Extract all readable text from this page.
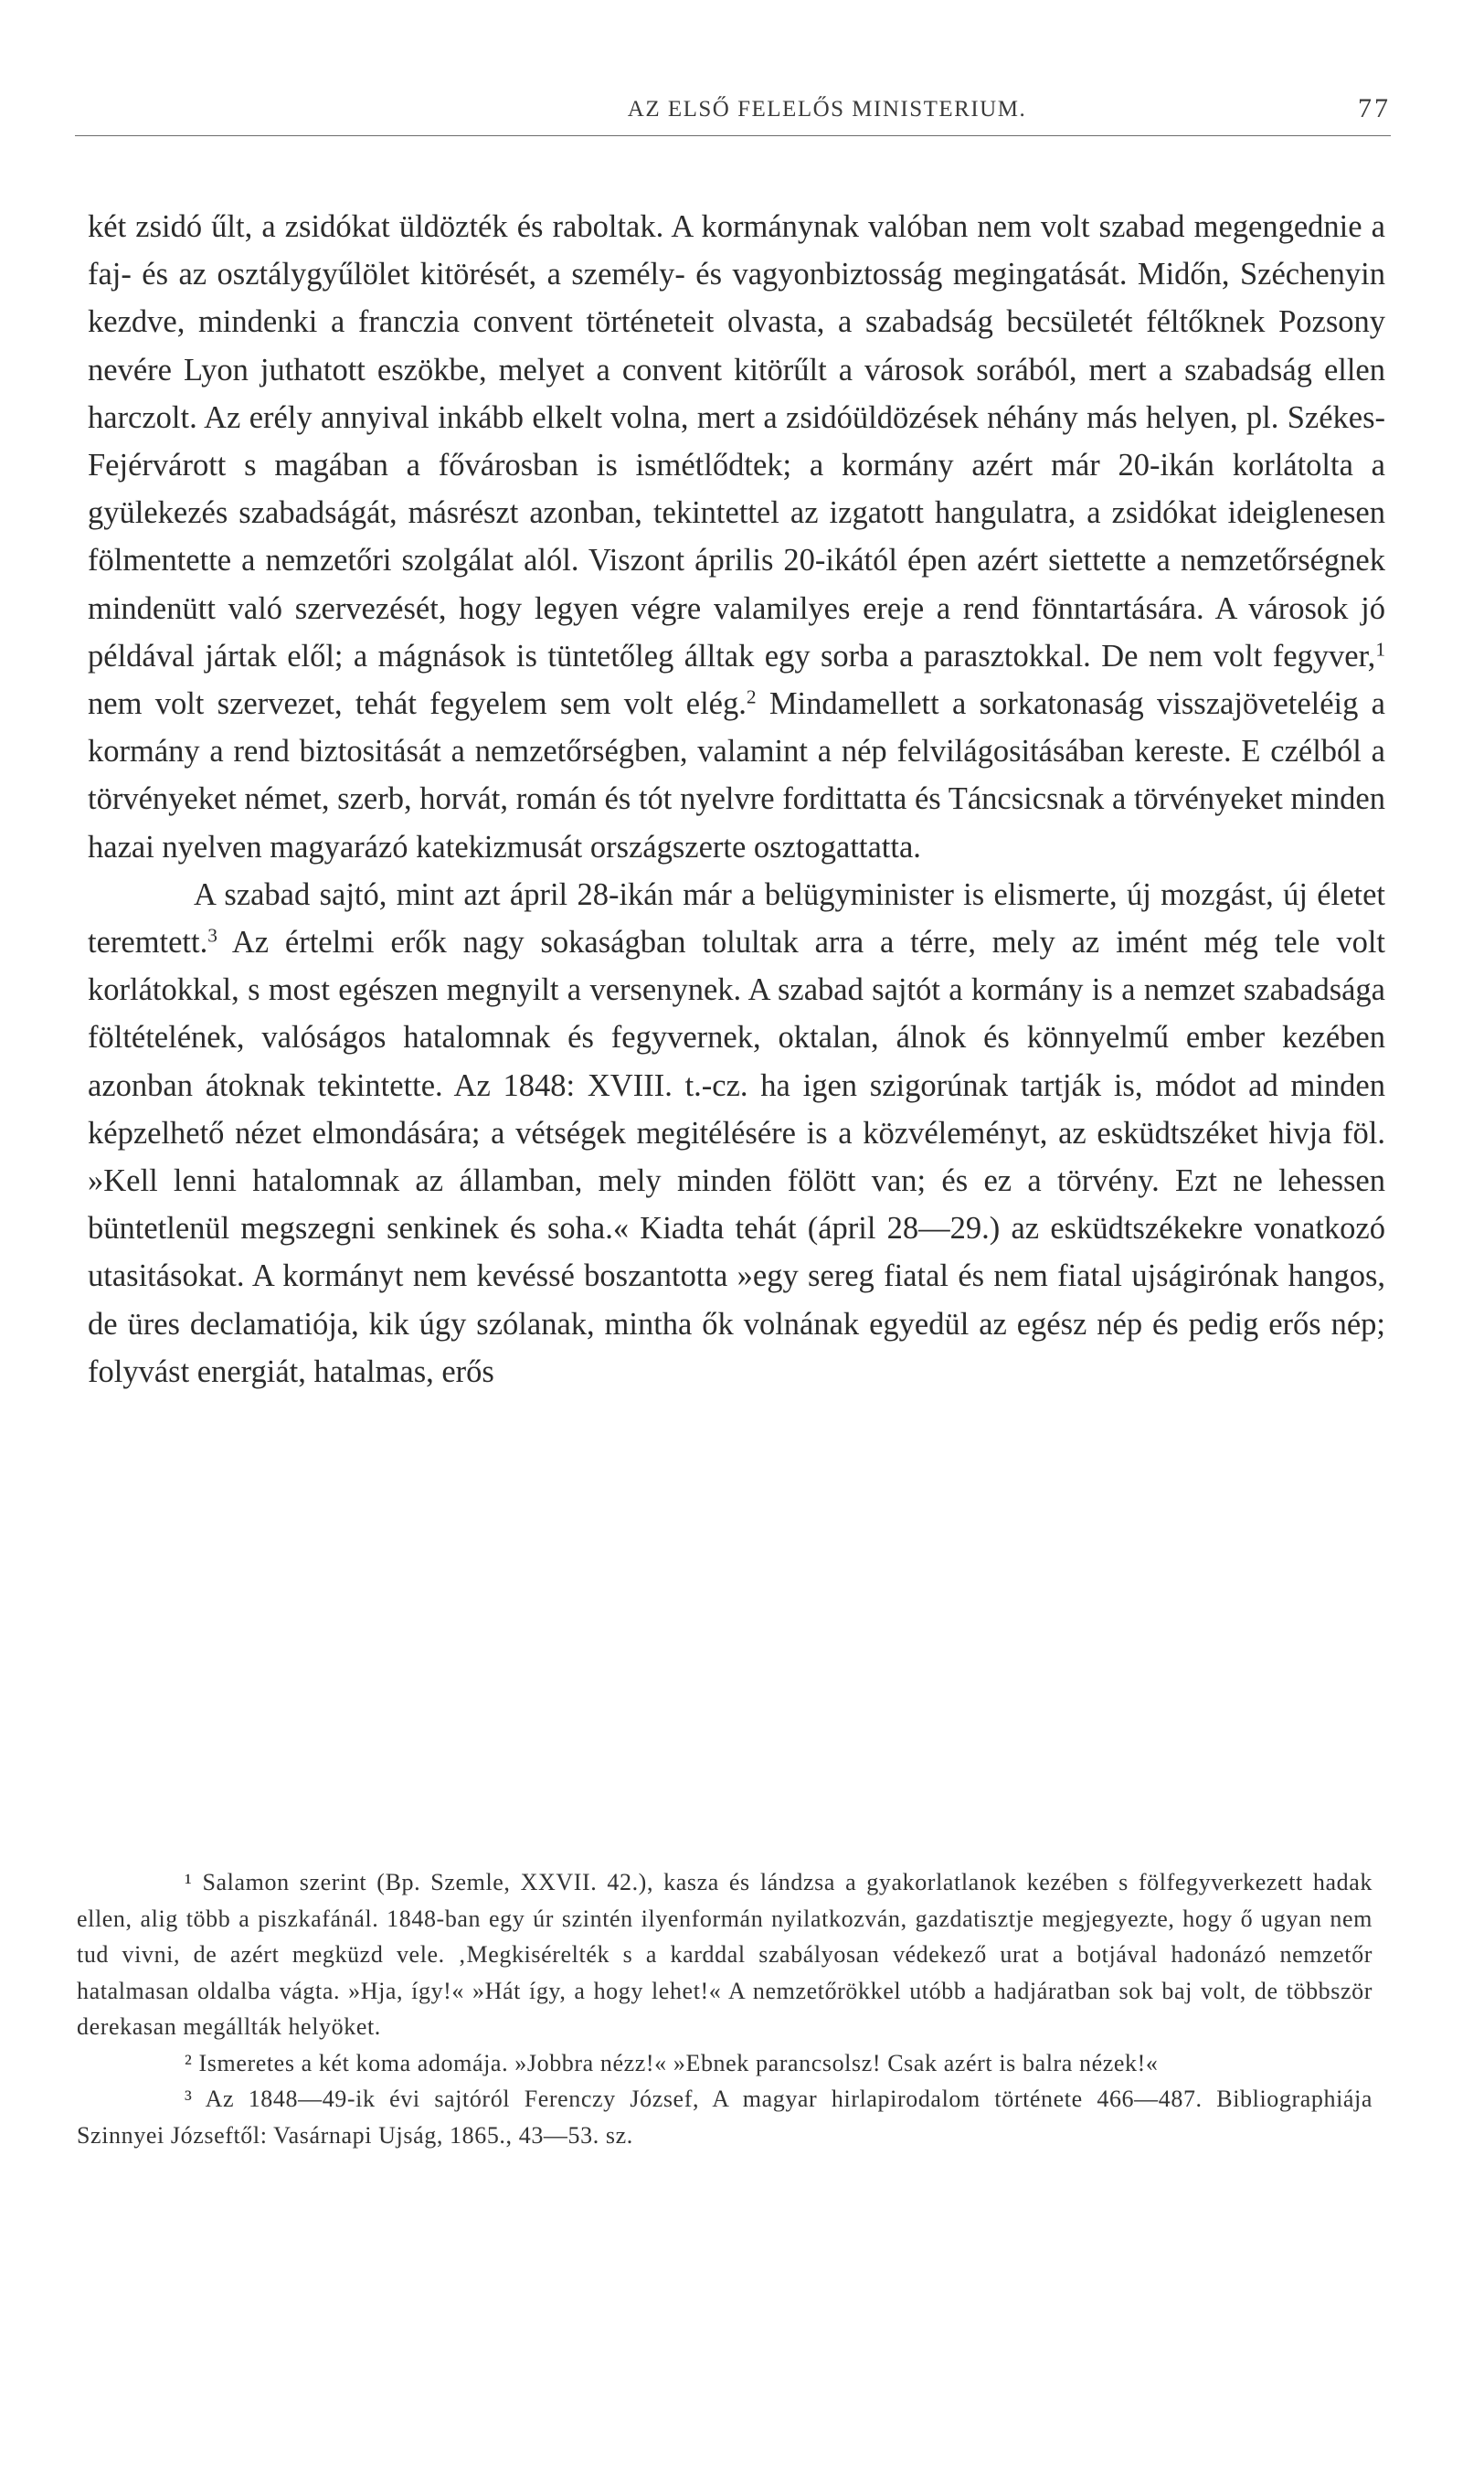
AZ ELSŐ FELELŐS MINISTERIUM.	77

két zsidó űlt, a zsidókat üldözték és raboltak. A kormánynak valóban nem volt szabad megengednie a faj- és az osztálygyűlölet kitörését, a személy- és vagyonbiztosság megingatását. Midőn, Széchenyin kezdve, mindenki a franczia convent történeteit olvasta, a szabadság becsületét féltőknek Pozsony nevére Lyon juthatott eszökbe, melyet a convent kitörűlt a városok sorából, mert a szabadság ellen harczolt. Az erély annyival inkább elkelt volna, mert a zsidóüldözések néhány más helyen, pl. Székes-Fejérvárott s magában a fővárosban is ismétlődtek; a kormány azért már 20-ikán korlátolta a gyülekezés szabadságát, másrészt azonban, tekintettel az izgatott hangulatra, a zsidókat ideiglenesen fölmentette a nemzetőri szolgálat alól. Viszont április 20-ikától épen azért siettette a nemzetőrségnek mindenütt való szervezését, hogy legyen végre valamilyes ereje a rend fönntartására. A városok jó példával jártak elől; a mágnások is tüntetőleg álltak egy sorba a parasztokkal. De nem volt fegyver,$^1$ nem volt szervezet, tehát fegyelem sem volt elég.$^2$ Mindamellett a sorkatonaság visszajöveteléig a kormány a rend biztositását a nemzetőrségben, valamint a nép felvilágositásában kereste. E czélból a törvényeket német, szerb, horvát, román és tót nyelvre fordittatta és Táncsicsnak a törvényeket minden hazai nyelven magyarázó katekizmusát országszerte osztogattatta.

A szabad sajtó, mint azt ápril 28-ikán már a belügyminister is elismerte, új mozgást, új életet teremtett.$^3$ Az értelmi erők nagy sokaságban tolultak arra a térre, mely az imént még tele volt korlátokkal, s most egészen megnyilt a versenynek. A szabad sajtót a kormány is a nemzet szabadsága föltételének, valóságos hatalomnak és fegyvernek, oktalan, álnok és könnyelmű ember kezében azonban átoknak tekintette. Az 1848: XVIII. t.-cz. ha igen szigorúnak tartják is, módot ad minden képzelhető nézet elmondására; a vétségek megitélésére is a közvéleményt, az esküdtszéket hivja föl. »Kell lenni hatalomnak az államban, mely minden fölött van; és ez a törvény. Ezt ne lehessen büntetlenül megszegni senkinek és soha.« Kiadta tehát (ápril 28—29.) az esküdtszékekre vonatkozó utasitásokat. A kormányt nem kevéssé boszantotta »egy sereg fiatal és nem fiatal ujságirónak hangos, de üres declamatiója, kik úgy szólanak, mintha ők volnának egyedül az egész nép és pedig erős nép; folyvást energiát, hatalmas, erős

¹ Salamon szerint (Bp. Szemle, XXVII. 42.), kasza és lándzsa a gyakorlatlanok kezében s fölfegyverkezett hadak ellen, alig több a piszkafánál. 1848-ban egy úr szintén ilyenformán nyilatkozván, gazdatisztje megjegyezte, hogy ő ugyan nem tud vivni, de azért megküzd vele. ‚Megkisérelték s a karddal szabályosan védekező urat a botjával hadonázó nemzetőr hatalmasan oldalba vágta. »Hja, így!« »Hát így, a hogy lehet!« A nemzetőrökkel utóbb a hadjáratban sok baj volt, de többször derekasan megállták helyöket.

² Ismeretes a két koma adomája. »Jobbra nézz!« »Ebnek parancsolsz! Csak azért is balra nézek!«

³ Az 1848—49-ik évi sajtóról Ferenczy József, A magyar hirlapirodalom története 466—487. Bibliographiája Szinnyei Józseftől: Vasárnapi Ujság, 1865., 43—53. sz.
